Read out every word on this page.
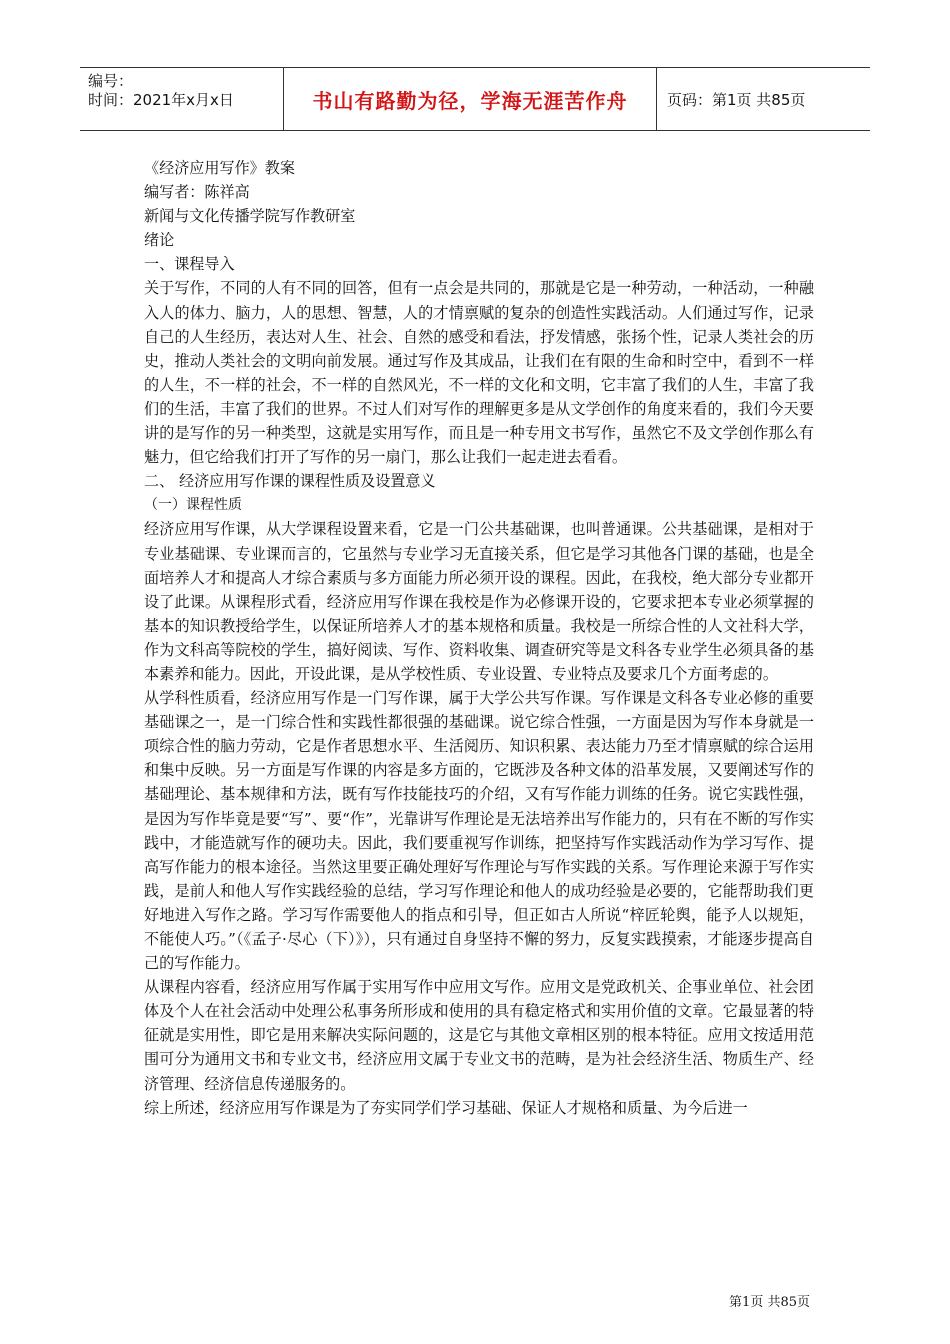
编号：
时间：2021年x月x日	书山有路勤为径，学海无涯苦作舟	页码：第1页 共85页

《经济应用写作》教案

编写者：陈祥高

新闻与文化传播学院写作教研室

绪论

一、课程导入

关于写作，不同的人有不同的回答，但有一点会是共同的，那就是它是一种劳动，一种活动，一种融入人的体力、脑力，人的思想、智慧，人的才情禀赋的复杂的创造性实践活动。人们通过写作，记录自己的人生经历，表达对人生、社会、自然的感受和看法，抒发情感，张扬个性，记录人类社会的历史，推动人类社会的文明向前发展。通过写作及其成品，让我们在有限的生命和时空中，看到不一样的人生，不一样的社会，不一样的自然风光，不一样的文化和文明，它丰富了我们的人生，丰富了我们的生活，丰富了我们的世界。不过人们对写作的理解更多是从文学创作的角度来看的，我们今天要讲的是写作的另一种类型，这就是实用写作，而且是一种专用文书写作，虽然它不及文学创作那么有魅力，但它给我们打开了写作的另一扇门，那么让我们一起走进去看看。

二、 经济应用写作课的课程性质及设置意义

（一）课程性质

经济应用写作课，从大学课程设置来看，它是一门公共基础课，也叫普通课。公共基础课，是相对于专业基础课、专业课而言的，它虽然与专业学习无直接关系，但它是学习其他各门课的基础，也是全面培养人才和提高人才综合素质与多方面能力所必须开设的课程。因此，在我校，绝大部分专业都开设了此课。从课程形式看，经济应用写作课在我校是作为必修课开设的，它要求把本专业必须掌握的基本的知识教授给学生，以保证所培养人才的基本规格和质量。我校是一所综合性的人文社科大学，作为文科高等院校的学生，搞好阅读、写作、资料收集、调查研究等是文科各专业学生必须具备的基本素养和能力。因此，开设此课，是从学校性质、专业设置、专业特点及要求几个方面考虑的。

从学科性质看，经济应用写作是一门写作课，属于大学公共写作课。写作课是文科各专业必修的重要基础课之一，是一门综合性和实践性都很强的基础课。说它综合性强，一方面是因为写作本身就是一项综合性的脑力劳动，它是作者思想水平、生活阅历、知识积累、表达能力乃至才情禀赋的综合运用和集中反映。另一方面是写作课的内容是多方面的，它既涉及各种文体的沿革发展，又要阐述写作的基础理论、基本规律和方法，既有写作技能技巧的介绍，又有写作能力训练的任务。说它实践性强，是因为写作毕竟是要“写”、要“作”，光靠讲写作理论是无法培养出写作能力的，只有在不断的写作实践中，才能造就写作的硬功夫。因此，我们要重视写作训练，把坚持写作实践活动作为学习写作、提高写作能力的根本途径。当然这里要正确处理好写作理论与写作实践的关系。写作理论来源于写作实践，是前人和他人写作实践经验的总结，学习写作理论和他人的成功经验是必要的，它能帮助我们更好地进入写作之路。学习写作需要他人的指点和引导，但正如古人所说“梓匠轮舆，能予人以规矩，不能使人巧。”（《孟子·尽心（下）》），只有通过自身坚持不懈的努力，反复实践摸索，才能逐步提高自己的写作能力。

从课程内容看，经济应用写作属于实用写作中应用文写作。应用文是党政机关、企事业单位、社会团体及个人在社会活动中处理公私事务所形成和使用的具有稳定格式和实用价值的文章。它最显著的特征就是实用性，即它是用来解决实际问题的，这是它与其他文章相区别的根本特征。应用文按适用范围可分为通用文书和专业文书，经济应用文属于专业文书的范畴，是为社会经济生活、物质生产、经济管理、经济信息传递服务的。

综上所述，经济应用写作课是为了夯实同学们学习基础、保证人才规格和质量、为今后进一

第1页 共85页
